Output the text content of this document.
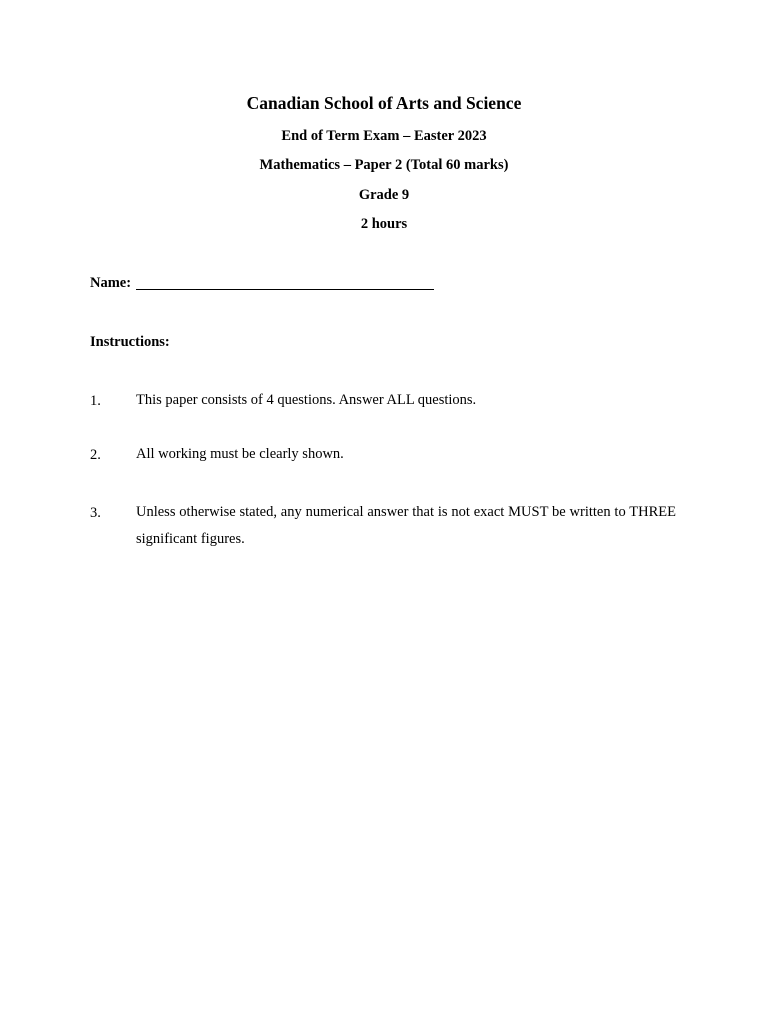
Canadian School of Arts and Science
End of Term Exam – Easter 2023
Mathematics – Paper 2 (Total 60 marks)
Grade 9
2 hours
Name:
Instructions:
1. This paper consists of 4 questions. Answer ALL questions.
2. All working must be clearly shown.
3. Unless otherwise stated, any numerical answer that is not exact MUST be written to THREE significant figures.
